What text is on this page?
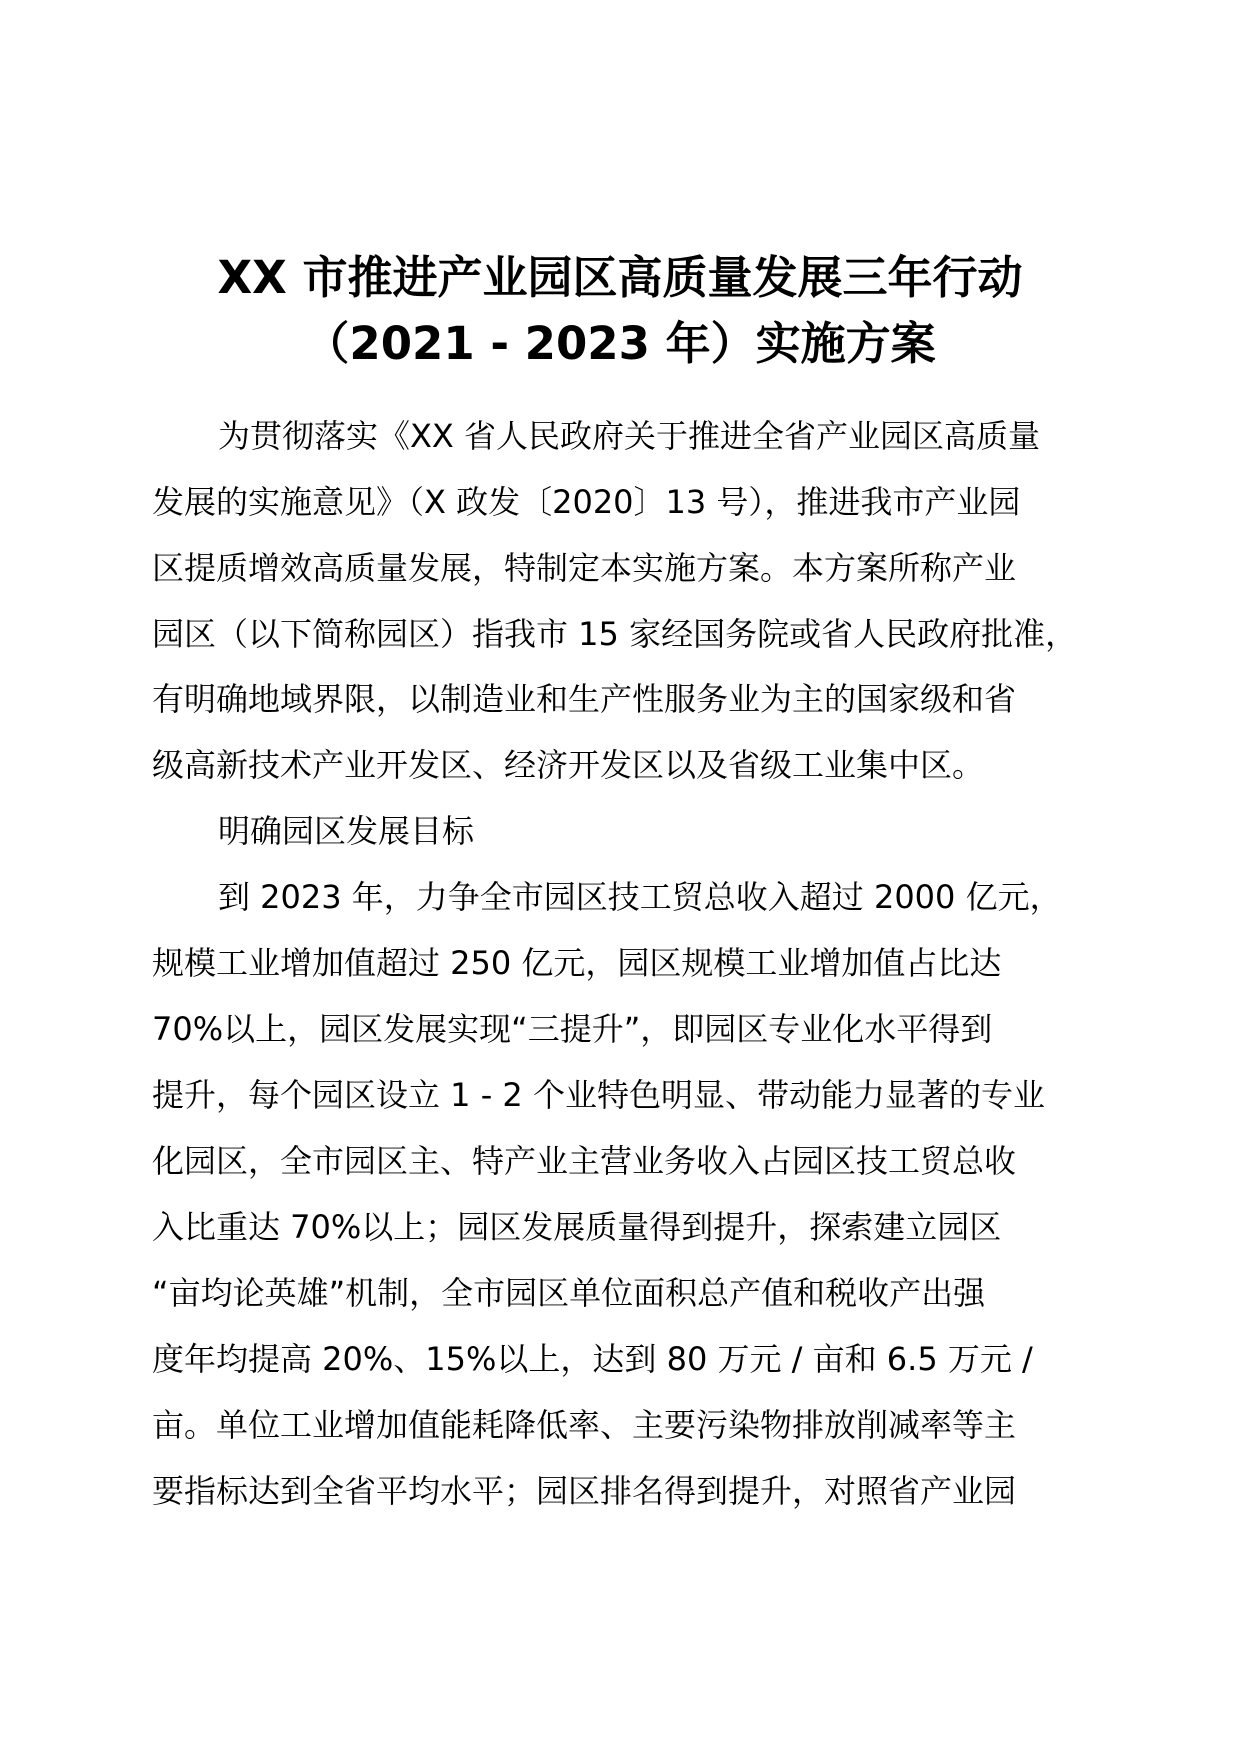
XX 市推进产业园区高质量发展三年行动
（2021 - 2023 年）实施方案
为贯彻落实《XX 省人民政府关于推进全省产业园区高质量
发展的实施意见》（X 政发〔2020〕13 号），推进我市产业园
区提质增效高质量发展，特制定本实施方案。本方案所称产业
园区（以下简称园区）指我市 15 家经国务院或省人民政府批准，
有明确地域界限，以制造业和生产性服务业为主的国家级和省
级高新技术产业开发区、经济开发区以及省级工业集中区。
明确园区发展目标
到 2023 年，力争全市园区技工贸总收入超过 2000 亿元，
规模工业增加值超过 250 亿元，园区规模工业增加值占比达
70%以上，园区发展实现“三提升”，即园区专业化水平得到
提升，每个园区设立 1 - 2 个业特色明显、带动能力显著的专业
化园区，全市园区主、特产业主营业务收入占园区技工贸总收
入比重达 70%以上；园区发展质量得到提升，探索建立园区
“亩均论英雄”机制，全市园区单位面积总产值和税收产出强
度年均提高 20%、15%以上，达到 80 万元 / 亩和 6.5 万元 /
亩。单位工业增加值能耗降低率、主要污染物排放削减率等主
要指标达到全省平均水平；园区排名得到提升，对照省产业园
